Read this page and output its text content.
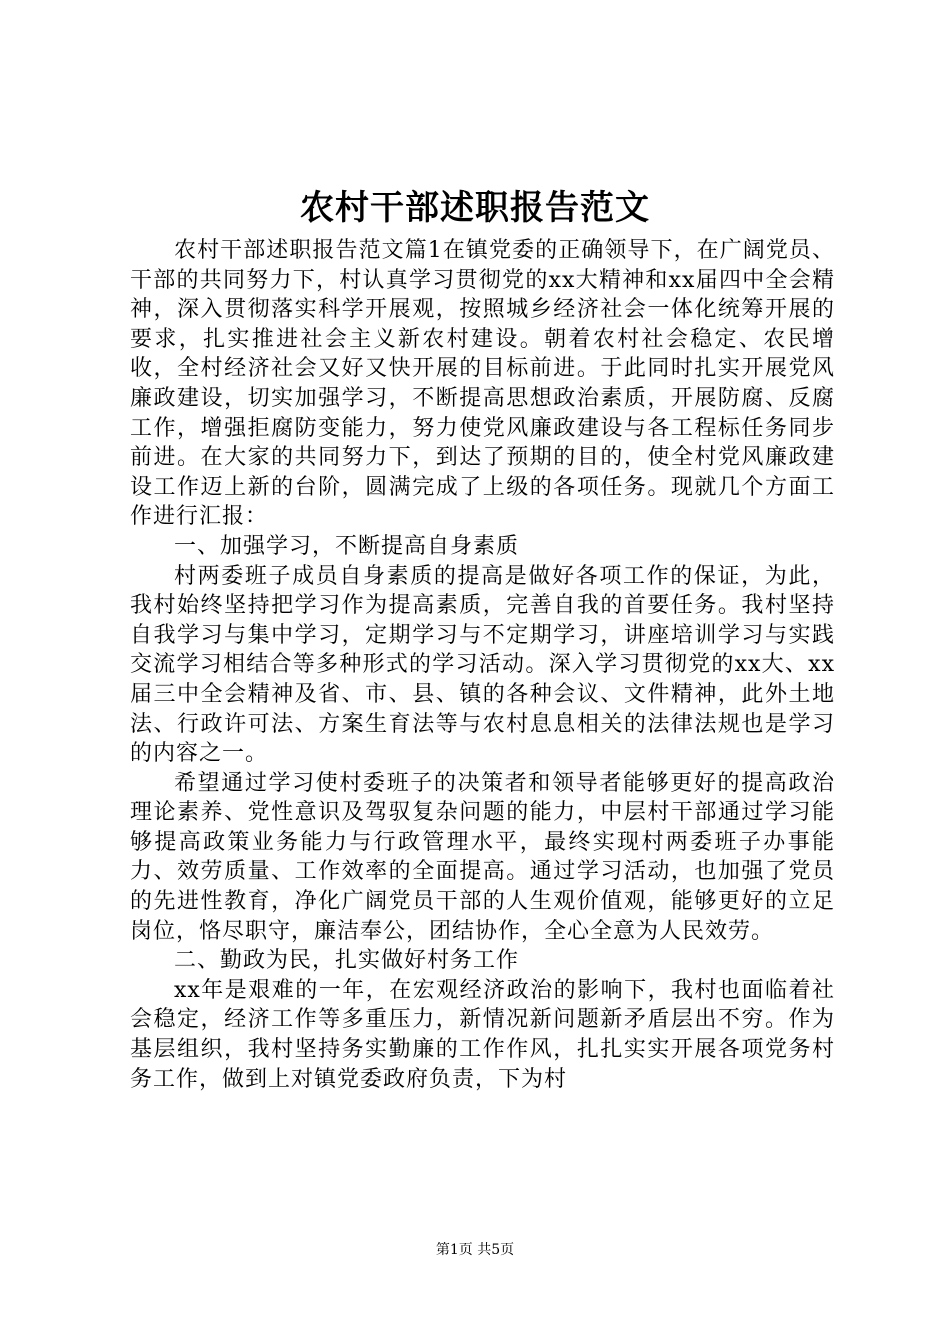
农村干部述职报告范文

农村干部述职报告范文篇1在镇党委的正确领导下，在广阔党员、干部的共同努力下，村认真学习贯彻党的xx大精神和xx届四中全会精神，深入贯彻落实科学开展观，按照城乡经济社会一体化统筹开展的要求，扎实推进社会主义新农村建设。朝着农村社会稳定、农民增收，全村经济社会又好又快开展的目标前进。于此同时扎实开展党风廉政建设，切实加强学习，不断提高思想政治素质，开展防腐、反腐工作，增强拒腐防变能力，努力使党风廉政建设与各工程标任务同步前进。在大家的共同努力下，到达了预期的目的，使全村党风廉政建设工作迈上新的台阶，圆满完成了上级的各项任务。现就几个方面工作进行汇报：

一、加强学习，不断提高自身素质

村两委班子成员自身素质的提高是做好各项工作的保证，为此，我村始终坚持把学习作为提高素质，完善自我的首要任务。我村坚持自我学习与集中学习，定期学习与不定期学习，讲座培训学习与实践交流学习相结合等多种形式的学习活动。深入学习贯彻党的xx大、xx届三中全会精神及省、市、县、镇的各种会议、文件精神，此外土地法、行政许可法、方案生育法等与农村息息相关的法律法规也是学习的内容之一。

希望通过学习使村委班子的决策者和领导者能够更好的提高政治理论素养、党性意识及驾驭复杂问题的能力，中层村干部通过学习能够提高政策业务能力与行政管理水平，最终实现村两委班子办事能力、效劳质量、工作效率的全面提高。通过学习活动，也加强了党员的先进性教育，净化广阔党员干部的人生观价值观，能够更好的立足岗位，恪尽职守，廉洁奉公，团结协作，全心全意为人民效劳。

二、勤政为民，扎实做好村务工作

xx年是艰难的一年，在宏观经济政治的影响下，我村也面临着社会稳定，经济工作等多重压力，新情况新问题新矛盾层出不穷。作为基层组织，我村坚持务实勤廉的工作作风，扎扎实实开展各项党务村务工作，做到上对镇党委政府负责，下为村

第1页 共5页
